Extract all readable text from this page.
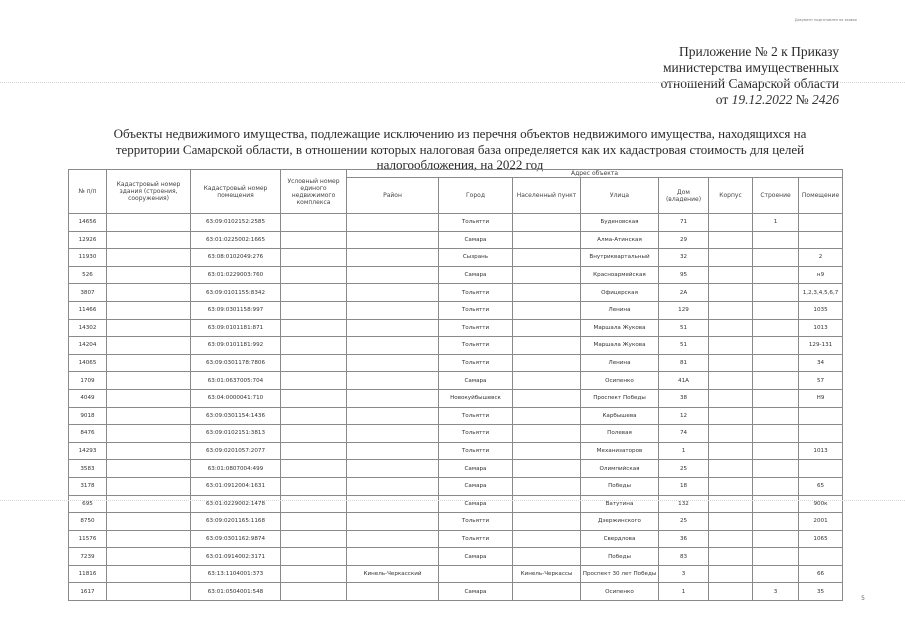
Документ подготовлен по заявке
Приложение № 2 к Приказу
министерства имущественных
отношений Самарской области
от 19.12.2022 № 2426
Объекты недвижимого имущества, подлежащие исключению из перечня объектов недвижимого имущества, находящихся на
территории Самарской области, в отношении которых налоговая база определяется как их кадастровая стоимость для целей
налогообложения, на 2022 год
№ п/п	Кадастровый номер здания (строения, сооружения)	Кадастровый номер помещения	Условный номер единого недвижимого комплекса	Адрес объекта							
				Район	Город	Населенный пункт	Улица	Дом (владение)	Корпус	Строение	Помещение
14656		63:09:0102152:2585			Тольятти		Буденовская	71		1	
12926		63:01:0225002:1665			Самара		Алма-Атинская	29			
11930		63:08:0102049:276			Сызрань		Внутриквартальный	32			2
526		63:01:0229003:760			Самара		Красноармейская	95			н9
3807		63:09:0101155:8342			Тольятти		Офицерская	2А			1,2,3,4,5,6,7
11466		63:09:0301158:997			Тольятти		Ленина	129			1035
14302		63:09:0101181:871			Тольятти		Маршала Жукова	51			1013
14204		63:09:0101181:992			Тольятти		Маршала Жукова	51			129-131
14065		63:09:0301178:7806			Тольятти		Ленина	81			34
1709		63:01:0637005:704			Самара		Осипенко	41А			57
4049		63:04:0000041:710			Новокуйбышевск		Проспект Победы	38			Н9
9018		63:09:0301154:1436			Тольятти		Карбышева	12			
8476		63:09:0102151:3813			Тольятти		Полевая	74			
14293		63:09:0201057:2077			Тольятти		Механизаторов	1			1013
3583		63:01:0807004:499			Самара		Олимпийская	25			
3178		63:01:0912004:1631			Самара		Победы	18			65
695		63:01:0229002:1478			Самара		Ватутина	132			900к
8750		63:09:0201165:1168			Тольятти		Дзержинского	25			2001
11576		63:09:0301162:9874			Тольятти		Свердлова	36			1065
7239		63:01:0914002:3171			Самара		Победы	83			
11816		63:13:1104001:373		Кинель-Черкасский		Кинель-Черкассы	Проспект 30 лет Победы	3			66
1617		63:01:0504001:548			Самара		Осипенко	1		3	35
5
